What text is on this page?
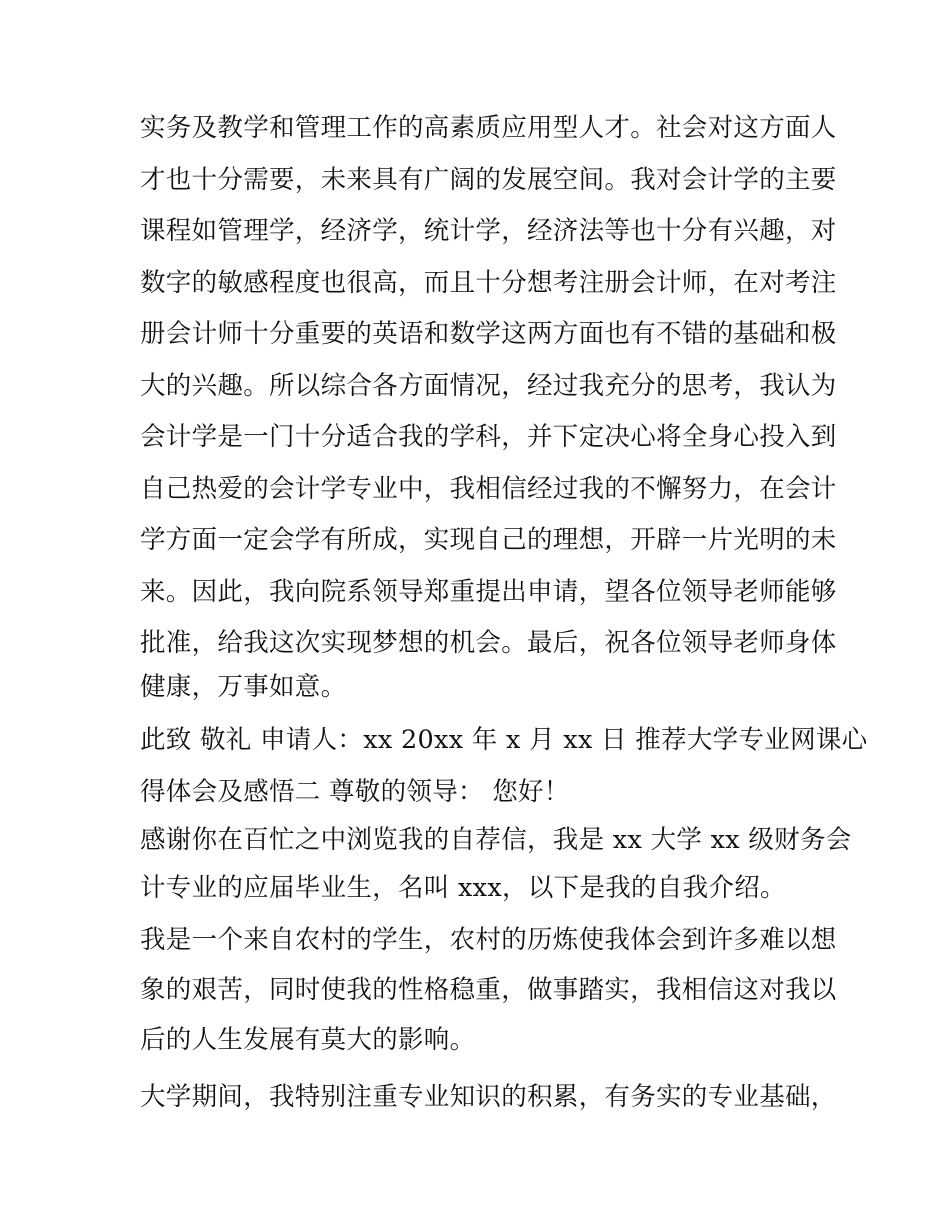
实务及教学和管理工作的高素质应用型人才。社会对这方面人
才也十分需要，未来具有广阔的发展空间。我对会计学的主要
课程如管理学，经济学，统计学，经济法等也十分有兴趣，对
数字的敏感程度也很高，而且十分想考注册会计师，在对考注
册会计师十分重要的英语和数学这两方面也有不错的基础和极
大的兴趣。所以综合各方面情况，经过我充分的思考，我认为
会计学是一门十分适合我的学科，并下定决心将全身心投入到
自己热爱的会计学专业中，我相信经过我的不懈努力，在会计
学方面一定会学有所成，实现自己的理想，开辟一片光明的未
来。因此，我向院系领导郑重提出申请，望各位领导老师能够
批准，给我这次实现梦想的机会。最后，祝各位领导老师身体
健康，万事如意。
此致 敬礼 申请人：xx 20xx 年 x 月 xx 日 推荐大学专业网课心
得体会及感悟二 尊敬的领导： 您好！
感谢你在百忙之中浏览我的自荐信，我是 xx 大学 xx 级财务会
计专业的应届毕业生，名叫 xxx，以下是我的自我介绍。
我是一个来自农村的学生，农村的历炼使我体会到许多难以想
象的艰苦，同时使我的性格稳重，做事踏实，我相信这对我以
后的人生发展有莫大的影响。
大学期间，我特别注重专业知识的积累，有务实的专业基础，
